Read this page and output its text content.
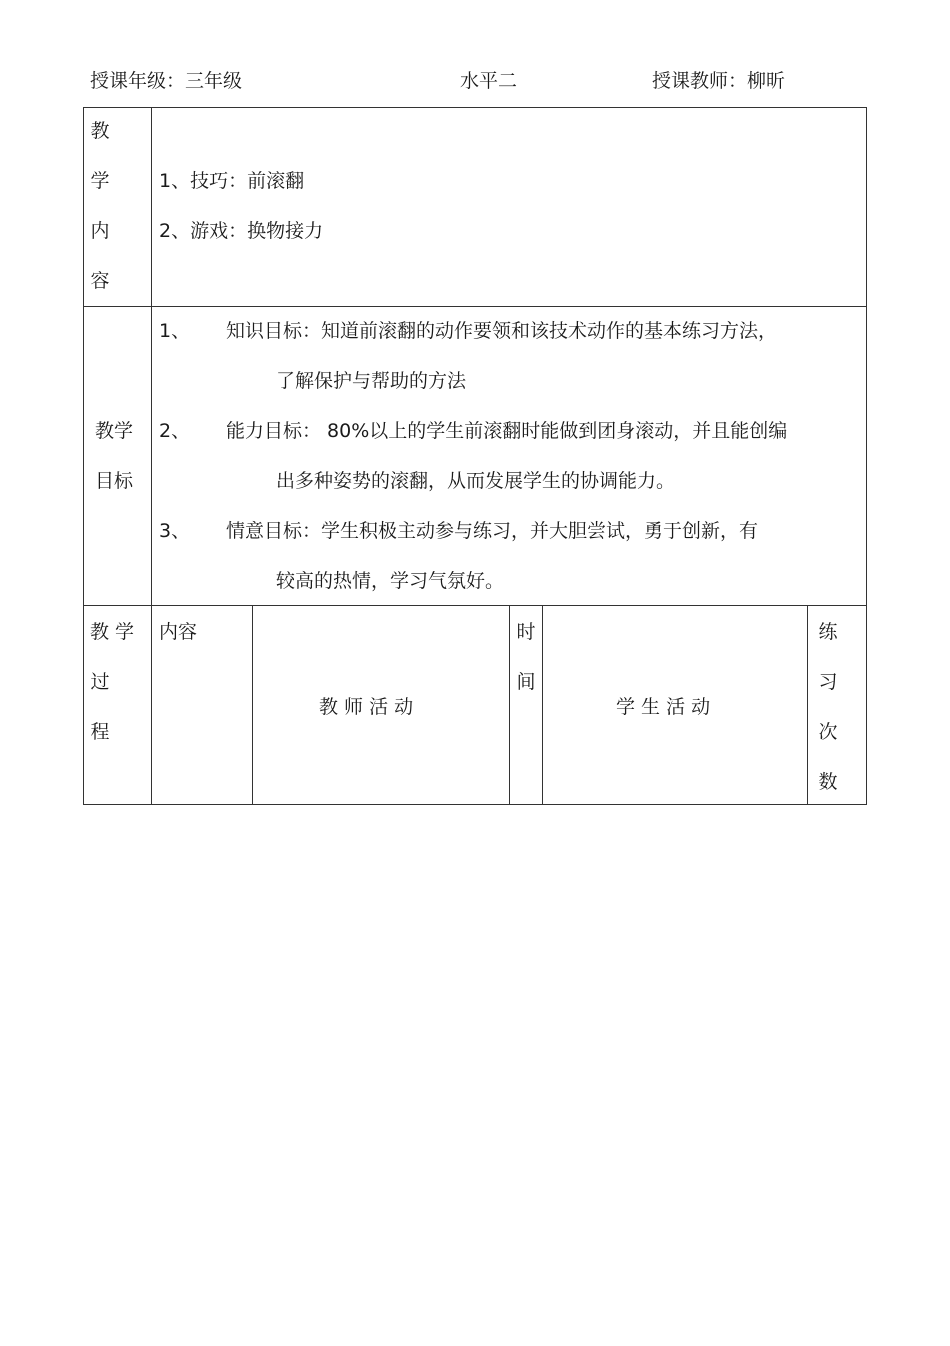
授课年级：三年级	水平二	授课教师：柳昕
教
学
内
容
1、技巧：前滚翻
2、游戏：换物接力
教学
目标
1、 知识目标：知道前滚翻的动作要领和该技术动作的基本练习方法，
了解保护与帮助的方法
2、 能力目标： 80%以上的学生前滚翻时能做到团身滚动，并且能创编
出多种姿势的滚翻，从而发展学生的协调能力。
3、 情意目标：学生积极主动参与练习，并大胆尝试，勇于创新，有
较高的热情，学习气氛好。
教 学
过
程
内容
教 师 活 动
时
间
学 生 活 动
练
习
次
数
